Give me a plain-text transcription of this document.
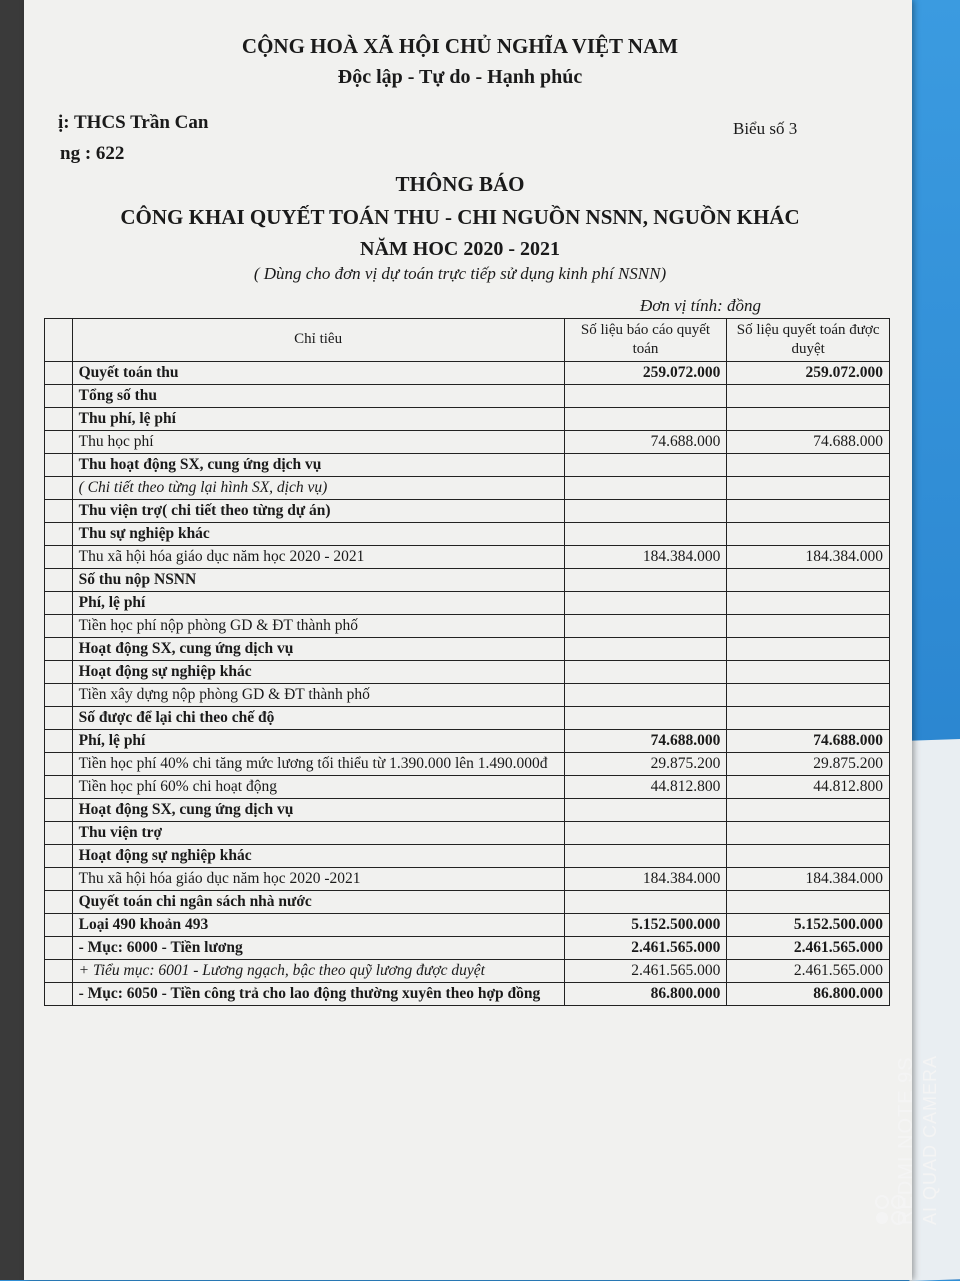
CỘNG HOÀ XÃ HỘI CHỦ NGHĨA VIỆT NAM
Độc lập - Tự do - Hạnh phúc
ị: THCS Trần Can
ng : 622
Biểu số 3
THÔNG BÁO
CÔNG KHAI QUYẾT TOÁN THU - CHI NGUỒN NSNN, NGUỒN KHÁC
NĂM HOC 2020 - 2021
( Dùng cho đơn vị dự toán trực tiếp sử dụng kinh phí NSNN)
Đơn vị tính: đồng
	Chỉ tiêu	Số liệu báo cáo quyết toán	Số liệu quyết toán được duyệt
	Quyết toán thu	259.072.000	259.072.000
	Tổng số thu		
	Thu phí, lệ phí		
	Thu học phí	74.688.000	74.688.000
	Thu hoạt động SX, cung ứng dịch vụ		
	( Chi tiết theo từng lại hình SX, dịch vụ)		
	Thu viện trợ( chi tiết theo từng dự án)		
	Thu sự nghiệp khác		
	Thu xã hội hóa giáo dục năm học 2020 - 2021	184.384.000	184.384.000
	Số thu nộp NSNN		
	Phí, lệ phí		
	Tiền học phí nộp phòng GD & ĐT thành phố		
	Hoạt động SX, cung ứng dịch vụ		
	Hoạt động sự nghiệp khác		
	Tiền xây dựng nộp phòng GD & ĐT thành phố		
	Số được để lại chi theo chế độ		
	Phí, lệ phí	74.688.000	74.688.000
	Tiền học phí 40% chi tăng mức lương tối thiểu từ 1.390.000 lên 1.490.000đ	29.875.200	29.875.200
	Tiền học phí 60% chi hoạt động	44.812.800	44.812.800
	Hoạt động SX, cung ứng dịch vụ		
	Thu viện trợ		
	Hoạt động sự nghiệp khác		
	Thu xã hội hóa giáo dục năm học 2020 -2021	184.384.000	184.384.000
	Quyết toán chi ngân sách nhà nước		
	Loại 490 khoản 493	5.152.500.000	5.152.500.000
	- Mục: 6000 - Tiền lương	2.461.565.000	2.461.565.000
	+ Tiểu mục: 6001 - Lương ngạch, bậc theo quỹ lương được duyệt	2.461.565.000	2.461.565.000
	- Mục: 6050 - Tiền công trả cho lao động thường xuyên theo hợp đồng	86.800.000	86.800.000
REDMI NOTE 9S AI QUAD CAMERA
